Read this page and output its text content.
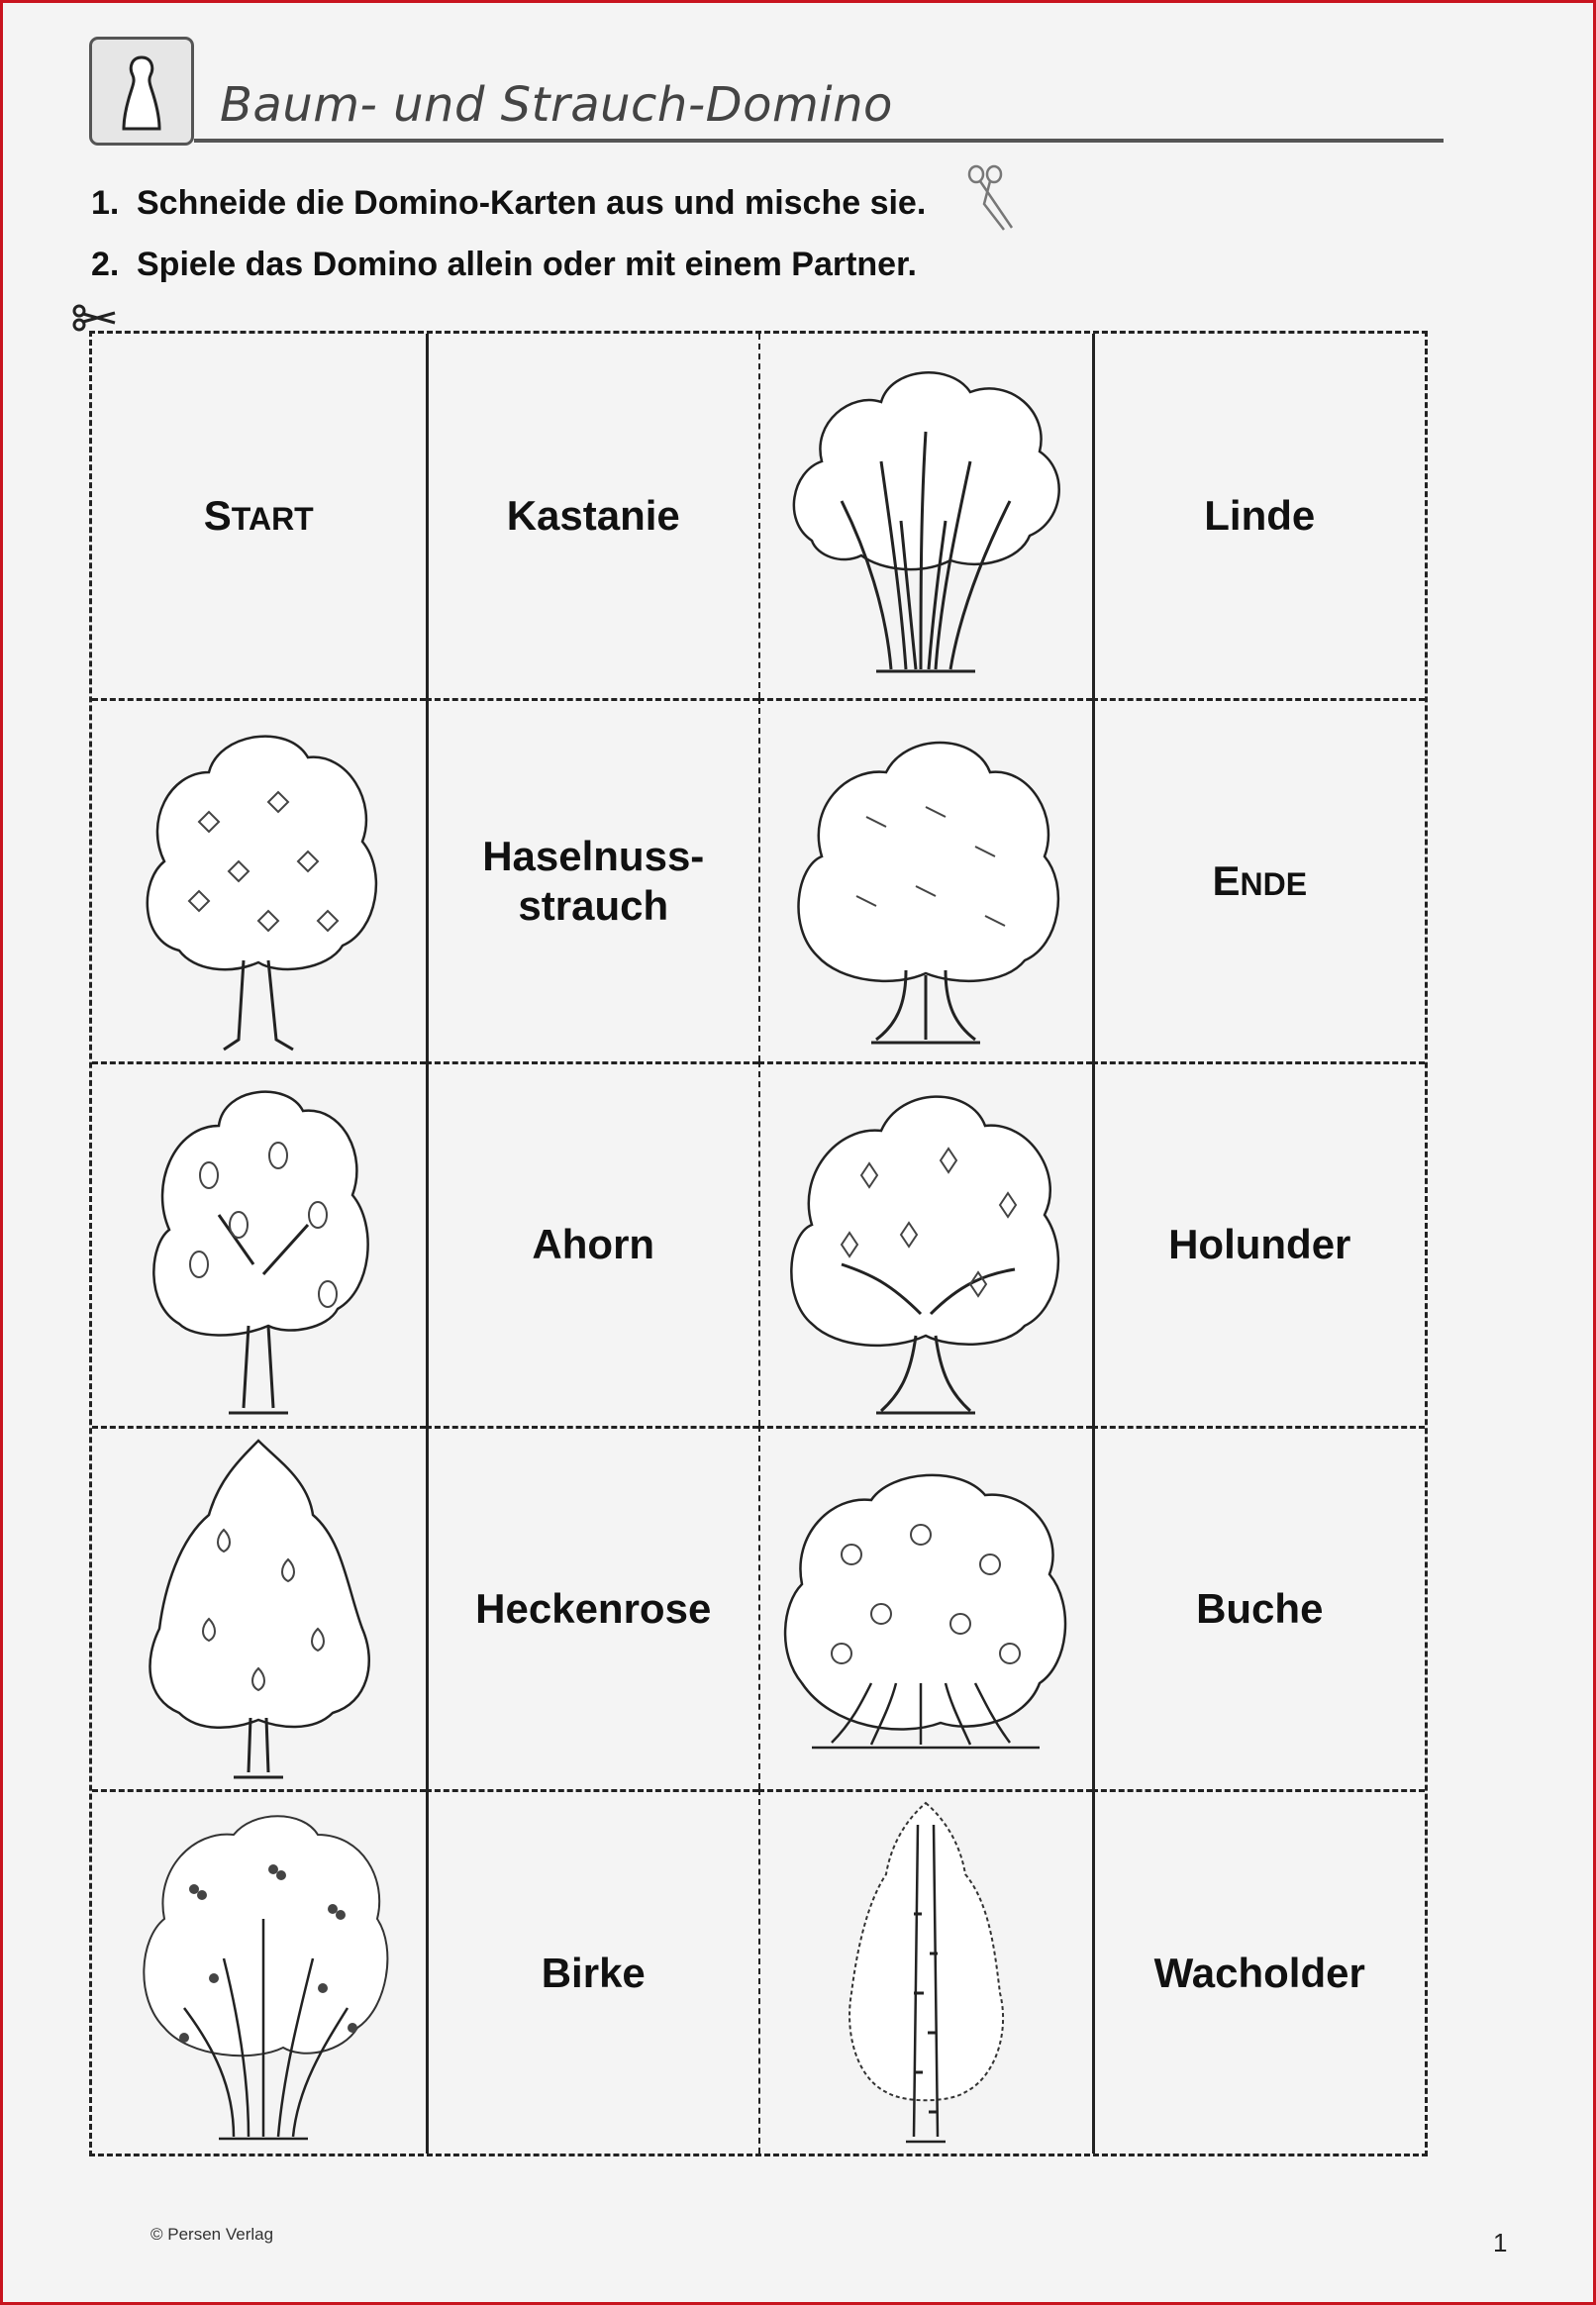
Baum- und Strauch-Domino
1. Schneide die Domino-Karten aus und mische sie.
2. Spiele das Domino allein oder mit einem Partner.
START	Kastanie	Linde
Haselnuss-
strauch
ENDE
Ahorn	Holunder
Heckenrose	Buche
Birke	Wacholder
© Persen Verlag	1
